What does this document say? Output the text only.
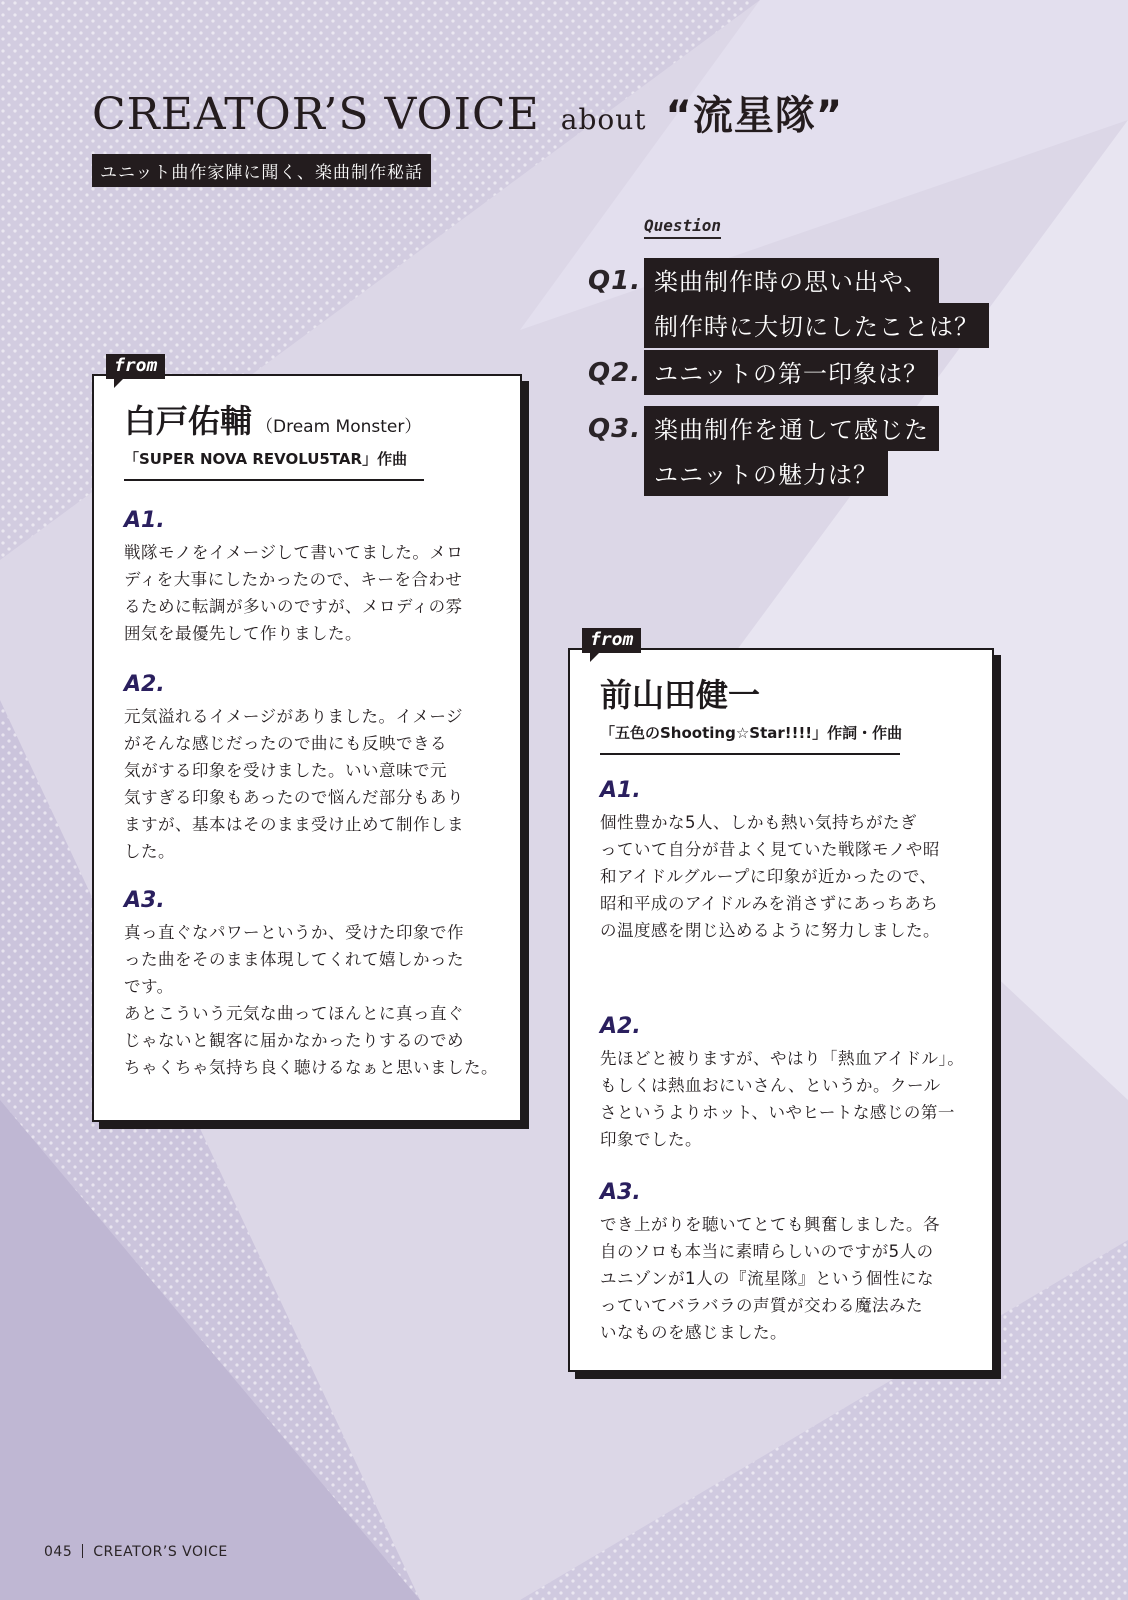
CREATOR’S VOICE about “流星隊”
ユニット曲作家陣に聞く、楽曲制作秘話
Question
Q1. 楽曲制作時の思い出や、
制作時に大切にしたことは？
Q2. ユニットの第一印象は？
Q3. 楽曲制作を通して感じた
ユニットの魅力は？
from
白戸佑輔 （Dream Monster）
「SUPER NOVA REVOLU5TAR」作曲
A1.
戦隊モノをイメージして書いてました。メロ
ディを大事にしたかったので、キーを合わせ
るために転調が多いのですが、メロディの雰
囲気を最優先して作りました。
A2.
元気溢れるイメージがありました。イメージ
がそんな感じだったので曲にも反映できる
気がする印象を受けました。いい意味で元
気すぎる印象もあったので悩んだ部分もあり
ますが、基本はそのまま受け止めて制作しま
した。
A3.
真っ直ぐなパワーというか、受けた印象で作
った曲をそのまま体現してくれて嬉しかった
です。
あとこういう元気な曲ってほんとに真っ直ぐ
じゃないと観客に届かなかったりするのでめ
ちゃくちゃ気持ち良く聴けるなぁと思いました。
from
前山田健一
「五色のShooting☆Star!!!!」作詞・作曲
A1.
個性豊かな5人、しかも熱い気持ちがたぎ
っていて自分が昔よく見ていた戦隊モノや昭
和アイドルグループに印象が近かったので、
昭和平成のアイドルみを消さずにあっちあち
の温度感を閉じ込めるように努力しました。
A2.
先ほどと被りますが、やはり「熱血アイドル」。
もしくは熱血おにいさん、というか。クール
さというよりホット、いやヒートな感じの第一
印象でした。
A3.
でき上がりを聴いてとても興奮しました。各
自のソロも本当に素晴らしいのですが5人の
ユニゾンが1人の『流星隊』という個性にな
っていてバラバラの声質が交わる魔法みた
いなものを感じました。
045 CREATOR’S VOICE
